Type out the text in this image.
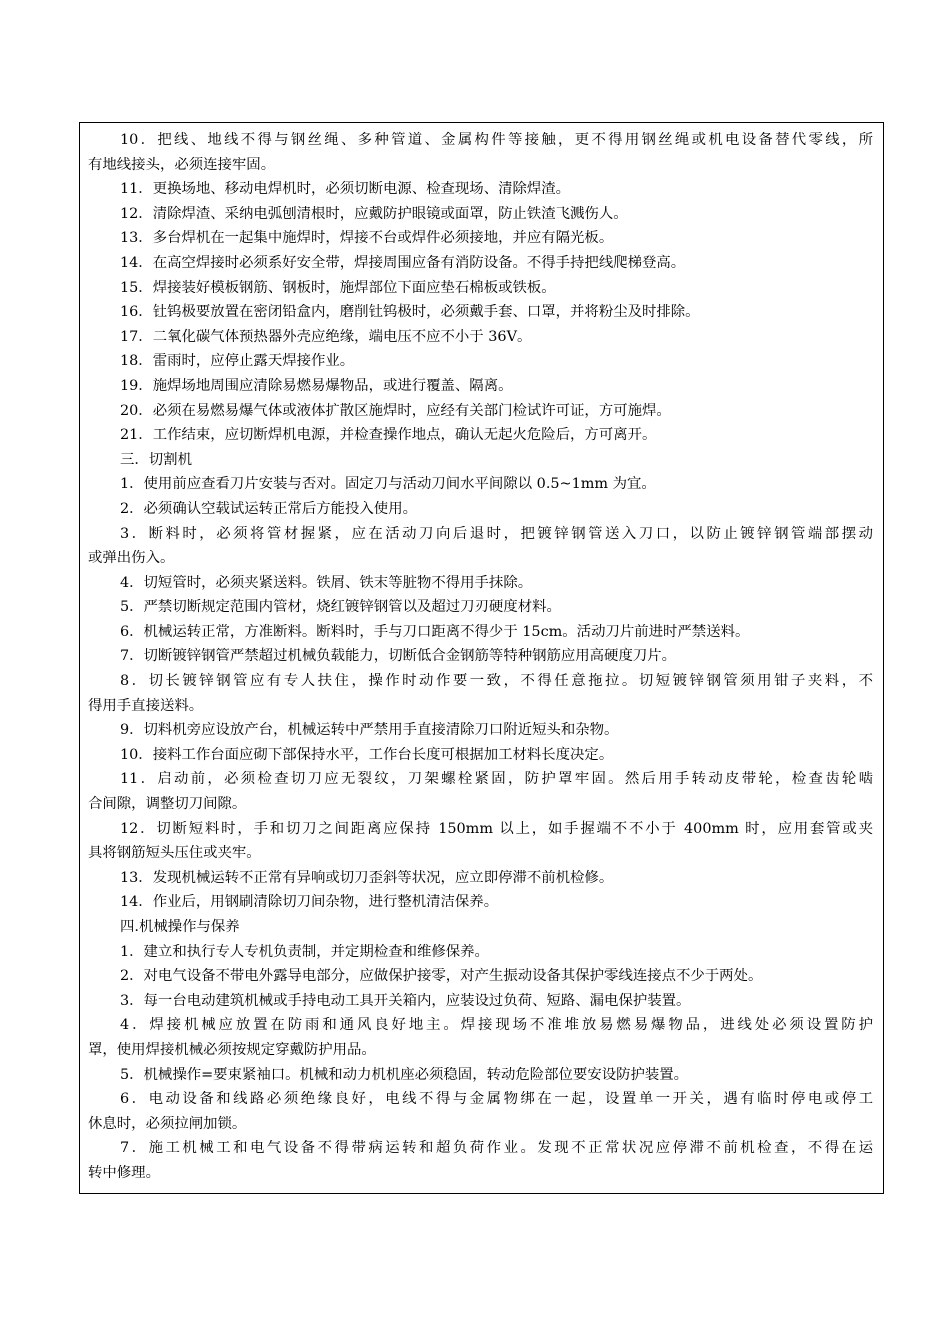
10．把线、地线不得与钢丝绳、多种管道、金属构件等接触，更不得用钢丝绳或机电设备替代零线，所

有地线接头，必须连接牢固。

11．更换场地、移动电焊机时，必须切断电源、检查现场、清除焊渣。

12．清除焊渣、采纳电弧刨清根时，应戴防护眼镜或面罩，防止铁渣飞溅伤人。

13．多台焊机在一起集中施焊时，焊接不台或焊件必须接地，并应有隔光板。

14．在高空焊接时必须系好安全带，焊接周围应备有消防设备。不得手持把线爬梯登高。

15．焊接装好模板钢筋、钢板时，施焊部位下面应垫石棉板或铁板。

16．钍钨极要放置在密闭铅盒内，磨削钍钨极时，必须戴手套、口罩，并将粉尘及时排除。

17．二氧化碳气体预热器外壳应绝缘，端电压不应不小于 36V。

18．雷雨时，应停止露天焊接作业。

19．施焊场地周围应清除易燃易爆物品，或进行覆盖、隔离。

20．必须在易燃易爆气体或液体扩散区施焊时，应经有关部门检试许可证，方可施焊。

21．工作结束，应切断焊机电源，并检查操作地点，确认无起火危险后，方可离开。

三．切割机

1．使用前应查看刀片安装与否对。固定刀与活动刀间水平间隙以 0.5~1mm 为宜。

2．必须确认空载试运转正常后方能投入使用。

3．断料时，必须将管材握紧，应在活动刀向后退时，把镀锌钢管送入刀口，以防止镀锌钢管端部摆动

或弹出伤入。

4．切短管时，必须夹紧送料。铁屑、铁末等脏物不得用手抹除。

5．严禁切断规定范围内管材，烧红镀锌钢管以及超过刀刃硬度材料。

6．机械运转正常，方准断料。断料时，手与刀口距离不得少于 15cm。活动刀片前进时严禁送料。

7．切断镀锌钢管严禁超过机械负载能力，切断低合金钢筋等特种钢筋应用高硬度刀片。

8．切长镀锌钢管应有专人扶住，操作时动作要一致，不得任意拖拉。切短镀锌钢管须用钳子夹料，不

得用手直接送料。

9．切料机旁应设放产台，机械运转中严禁用手直接清除刀口附近短头和杂物。

10．接料工作台面应砌下部保持水平，工作台长度可根据加工材料长度决定。

11．启动前，必须检查切刀应无裂纹，刀架螺栓紧固，防护罩牢固。然后用手转动皮带轮，检查齿轮啮

合间隙，调整切刀间隙。

12．切断短料时，手和切刀之间距离应保持 150mm 以上，如手握端不不小于 400mm 时，应用套管或夹

具将钢筋短头压住或夹牢。

13．发现机械运转不正常有异响或切刀歪斜等状况，应立即停滞不前机检修。

14．作业后，用钢刷清除切刀间杂物，进行整机清洁保养。

四.机械操作与保养

1．建立和执行专人专机负责制，并定期检查和维修保养。

2．对电气设备不带电外露导电部分，应做保护接零，对产生振动设备其保护零线连接点不少于两处。

3．每一台电动建筑机械或手持电动工具开关箱内，应装设过负荷、短路、漏电保护装置。

4．焊接机械应放置在防雨和通风良好地主。焊接现场不准堆放易燃易爆物品，进线处必须设置防护

罩，使用焊接机械必须按规定穿戴防护用品。

5．机械操作=要束紧袖口。机械和动力机机座必须稳固，转动危险部位要安设防护装置。

6．电动设备和线路必须绝缘良好，电线不得与金属物绑在一起，设置单一开关，遇有临时停电或停工

休息时，必须拉闸加锁。

7．施工机械工和电气设备不得带病运转和超负荷作业。发现不正常状况应停滞不前机检查，不得在运

转中修理。
